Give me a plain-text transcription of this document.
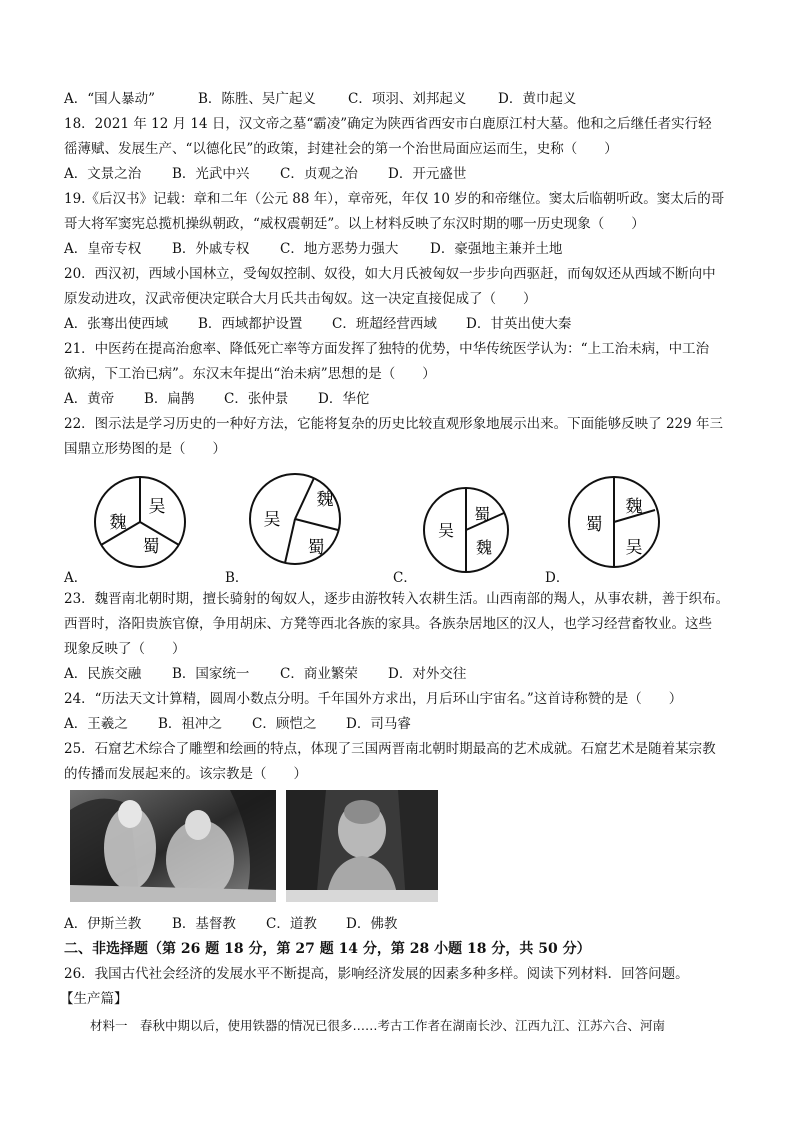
A．“国人暴动”	B．陈胜、吴广起义 C．项羽、刘邦起义 D．黄巾起义
18．2021 年 12 月 14 日，汉文帝之墓“霸凌”确定为陕西省西安市白鹿原江村大墓。他和之后继任者实行轻
徭薄赋、发展生产、“以德化民”的政策，封建社会的第一个治世局面应运而生，史称（　　）
A．文景之治 B．光武中兴 C．贞观之治 D．开元盛世
19.《后汉书》记载：章和二年（公元 88 年），章帝死，年仅 10 岁的和帝继位。窦太后临朝听政。窦太后的哥
哥大将军窦宪总揽机操纵朝政，“威权震朝廷”。以上材料反映了东汉时期的哪一历史现象（　　）
A．皇帝专权 B．外戚专权 C．地方恶势力强大 D．豪强地主兼并土地
20．西汉初，西域小国林立，受匈奴控制、奴役，如大月氏被匈奴一步步向西驱赶，而匈奴还从西域不断向中
原发动进攻，汉武帝便决定联合大月氏共击匈奴。这一决定直接促成了（　　）
A．张骞出使西域 B．西域都护设置 C．班超经营西域 D．甘英出使大秦
21．中医药在提高治愈率、降低死亡率等方面发挥了独特的优势，中华传统医学认为：“上工治未病，中工治
欲病，下工治已病”。东汉末年提出“治未病”思想的是（　　）
A．黄帝 B．扁鹊 C．张仲景 D．华佗
22．图示法是学习历史的一种好方法，它能将复杂的历史比较直观形象地展示出来。下面能够反映了 229 年三
国鼎立形势图的是（　　）
吴
魏
蜀
魏
吴
蜀
蜀
吴
魏
魏
蜀
吴
A．	B．	C．	D．
23．魏晋南北朝时期，擅长骑射的匈奴人，逐步由游牧转入农耕生活。山西南部的羯人，从事农耕，善于织布。
西晋时，洛阳贵族官僚，争用胡床、方凳等西北各族的家具。各族杂居地区的汉人，也学习经营畜牧业。这些
现象反映了（　　）
A．民族交融 B．国家统一 C．商业繁荣 D．对外交往
24．“历法天文计算精，圆周小数点分明。千年国外方求出，月后环山宇宙名。”这首诗称赞的是（　　）
A．王羲之 B．祖冲之 C．顾恺之 D．司马睿
25．石窟艺术综合了雕塑和绘画的特点，体现了三国两晋南北朝时期最高的艺术成就。石窟艺术是随着某宗教
的传播而发展起来的。该宗教是（　　）
A．伊斯兰教 B．基督教 C．道教 D．佛教
二、非选择题（第 26 题 18 分，第 27 题 14 分，第 28 小题 18 分，共 50 分）
26．我国古代社会经济的发展水平不断提高，影响经济发展的因素多种多样。阅读下列材料．回答问题。
【生产篇】
材料一　春秋中期以后，使用铁器的情况已很多……考古工作者在湖南长沙、江西九江、江苏六合、河南
